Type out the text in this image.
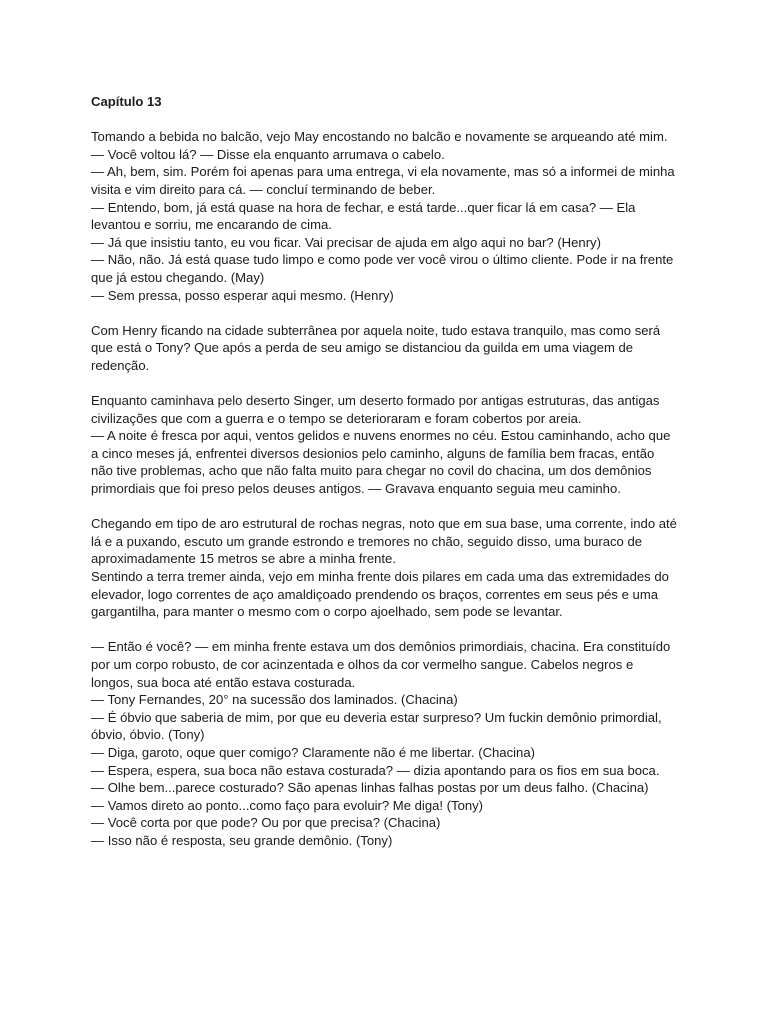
Capítulo 13
Tomando a bebida no balcão, vejo May encostando no balcão e novamente se arqueando até mim.
— Você voltou lá? — Disse ela enquanto arrumava o cabelo.
— Ah, bem, sim. Porém foi apenas para uma entrega, vi ela novamente, mas só a informei de minha visita e vim direito para cá. — concluí terminando de beber.
— Entendo, bom, já está quase na hora de fechar, e está tarde...quer ficar lá em casa? — Ela levantou e sorriu, me encarando de cima.
— Já que insistiu tanto, eu vou ficar. Vai precisar de ajuda em algo aqui no bar? (Henry)
— Não, não. Já está quase tudo limpo e como pode ver você virou o último cliente. Pode ir na frente que já estou chegando. (May)
— Sem pressa, posso esperar aqui mesmo. (Henry)
Com Henry ficando na cidade subterrânea por aquela noite, tudo estava tranquilo, mas como será que está o Tony? Que após a perda de seu amigo se distanciou da guilda em uma viagem de redenção.
Enquanto caminhava pelo deserto Singer, um deserto formado por antigas estruturas, das antigas civilizações que com a guerra e o tempo se deterioraram e foram cobertos por areia.
— A noite é fresca por aqui, ventos gelidos e nuvens enormes no céu. Estou caminhando, acho que a cinco meses já, enfrentei diversos desionios pelo caminho, alguns de família bem fracas, então não tive problemas, acho que não falta muito para chegar no covil do chacina, um dos demônios primordiais que foi preso pelos deuses antigos. — Gravava enquanto seguia meu caminho.
Chegando em tipo de aro estrutural de rochas negras, noto que em sua base, uma corrente, indo até lá e a puxando, escuto um grande estrondo e tremores no chão, seguido disso, uma buraco de aproximadamente 15 metros se abre a minha frente.
Sentindo a terra tremer ainda, vejo em minha frente dois pilares em cada uma das extremidades do elevador, logo correntes de aço amaldiçoado prendendo os braços, correntes em seus pés e uma gargantilha, para manter o mesmo com o corpo ajoelhado, sem pode se levantar.
— Então é você? — em minha frente estava um dos demônios primordiais, chacina. Era constituído por um corpo robusto, de cor acinzentada e olhos da cor vermelho sangue. Cabelos negros e longos, sua boca até então estava costurada.
— Tony Fernandes, 20° na sucessão dos laminados. (Chacina)
— É óbvio que saberia de mim, por que eu deveria estar surpreso? Um fuckin demônio primordial, óbvio, óbvio. (Tony)
— Diga, garoto, oque quer comigo? Claramente não é me libertar. (Chacina)
— Espera, espera, sua boca não estava costurada? — dizia apontando para os fios em sua boca.
— Olhe bem...parece costurado? São apenas linhas falhas postas por um deus falho. (Chacina)
— Vamos direto ao ponto...como faço para evoluir? Me diga! (Tony)
— Você corta por que pode? Ou por que precisa? (Chacina)
— Isso não é resposta, seu grande demônio. (Tony)
